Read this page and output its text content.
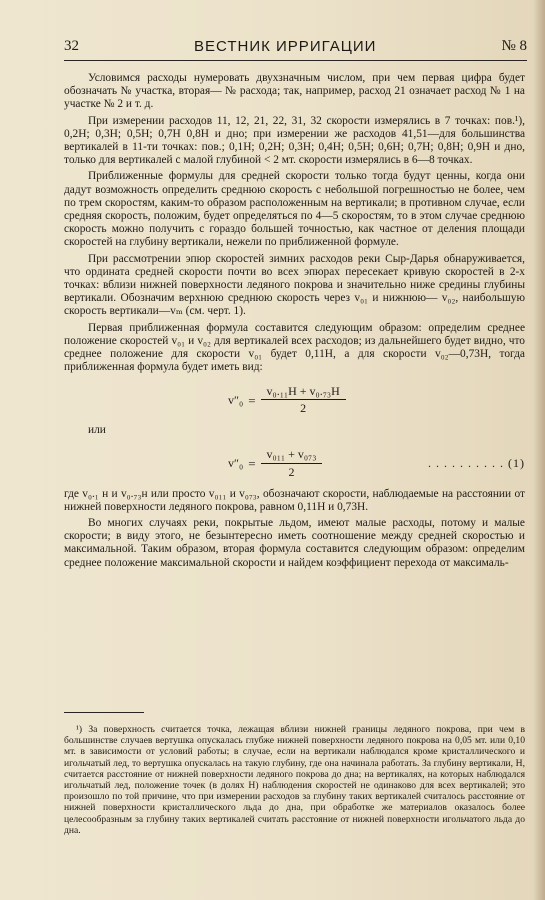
32	ВЕСТНИК ИРРИГАЦИИ	№ 8

Условимся расходы нумеровать двухзначным числом, при чем первая цифра будет обозначать № участка, вторая— № расхода; так, например, расход 21 означает расход № 1 на участке № 2 и т. д.

При измерении расходов 11, 12, 21, 22, 31, 32 скорости измерялись в 7 точках: пов.¹), 0,2Н; 0,3Н; 0,5Н; 0,7Н 0,8Н и дно; при измерении же расходов 41,51—для большинства вертикалей в 11-ти точках: пов.; 0,1Н; 0,2Н; 0,3Н; 0,4Н; 0,5Н; 0,6Н; 0,7Н; 0,8Н; 0,9Н и дно, только для вертикалей с малой глубиной < 2 мт. скорости измерялись в 6—8 точках.

Приближенные формулы для средней скорости только тогда будут ценны, когда они дадут возможность определить среднюю скорость с небольшой погрешностью не более, чем по трем скоростям, каким-то образом расположенным на вертикали; в противном случае, если средняя скорость, положим, будет определяться по 4—5 скоростям, то в этом случае среднюю скорость можно получить с гораздо большей точностью, как частное от деления площади скоростей на глубину вертикали, нежели по приближенной формуле.

При рассмотрении эпюр скоростей зимних расходов реки Сыр-Дарья обнаруживается, что ордината средней скорости почти во всех эпюрах пересекает кривую скоростей в 2-х точках: вблизи нижней поверхности ледяного покрова и значительно ниже средины глубины вертикали. Обозначим верхнюю среднюю скорость через v₀₁ и нижнюю— v₀₂, наибольшую скорость вертикали—vₘ (см. черт. 1).

Первая приближенная формула составится следующим образом: определим среднее положение скоростей v₀₁ и v₀₂ для вертикалей всех расходов; из дальнейшего будет видно, что среднее положение для скорости v₀₁ будет 0,11Н, а для скорости v₀₂—0,73Н, тогда приближенная формула будет иметь вид:

$v''_0 = \frac{\text{v₀.₁₁H + v₀.₇₃H}}{2}$

или

$v''_0 = \frac{\text{v₀₁₁ + v₀₇₃}}{2}$	. . . . . . . . . . (1)

где v₀.₁ н и v₀.₇₃н или просто v₀₁₁ и v₀₇₃, обозначают скорости, наблюдаемые на расстоянии от нижней поверхности ледяного покрова, равном 0,11Н и 0,73Н.

Во многих случаях реки, покрытые льдом, имеют малые расходы, потому и малые скорости; в виду этого, не безынтересно иметь соотношение между средней скоростью и максимальной. Таким образом, вторая формула составится следующим образом: определим среднее положение максимальной скорости и найдем коэффициент перехода от максималь-

¹) За поверхность считается точка, лежащая вблизи нижней границы ледяного покрова, при чем в большинстве случаев вертушка опускалась глубже нижней поверхности ледяного покрова на 0,05 мт. или 0,10 мт. в зависимости от условий работы; в случае, если на вертикали наблюдался кроме кристаллического и игольчатый лед, то вертушка опускалась на такую глубину, где она начинала работать. За глубину вертикали, Н, считается расстояние от нижней поверхности ледяного покрова до дна; на вертикалях, на которых наблюдался игольчатый лед, положение точек (в долях Н) наблюдения скоростей не одинаково для всех вертикалей; это произошло по той причине, что при измерении расходов за глубину таких вертикалей считалось расстояние от нижней поверхности кристаллического льда до дна, при обработке же материалов оказалось более целесообразным за глубину таких вертикалей считать расстояние от нижней поверхности игольчатого льда до дна.
